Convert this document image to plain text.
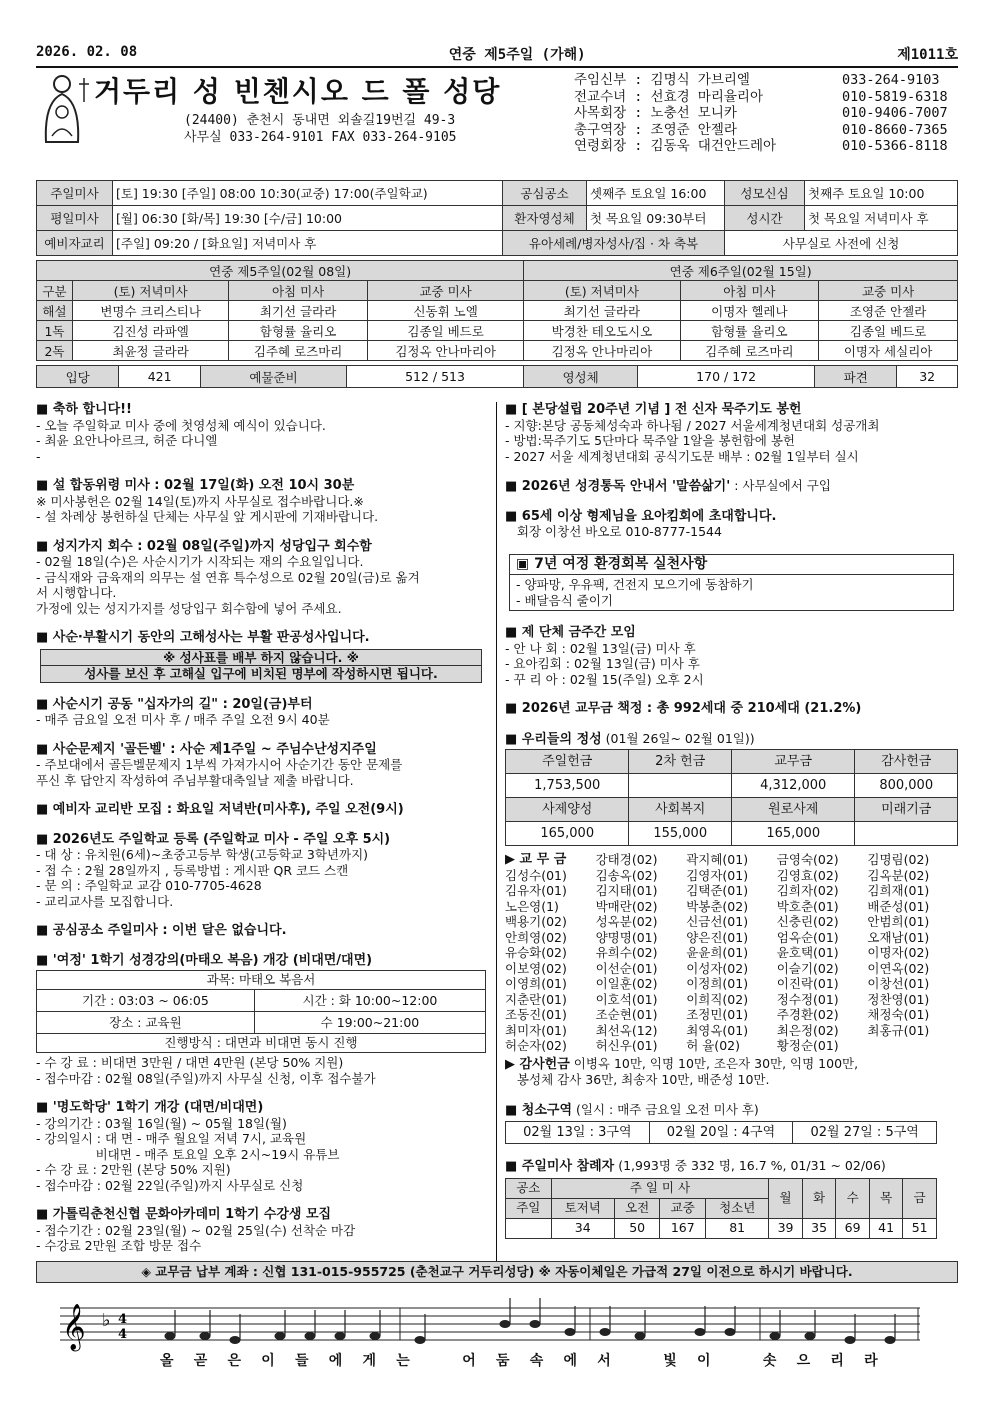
2026. 02. 08	연중 제5주일 (가해)	제1011호
거두리 성 빈첸시오 드 폴 성당
(24400) 춘천시 동내면 외솔길19번길 49-3
사무실 033-264-9101 FAX 033-264-9105
주임신부 : 김명식 가브리엘	033-264-9103
전교수녀 : 선효경 마리율리아	010-5819-6318
사목회장 : 노충선 모니카	010-9406-7007
총구역장 : 조영준 안젤라	010-8660-7365
연령회장 : 김동욱 대건안드레아	010-5366-8118
주일미사	[토] 19:30 [주일] 08:00 10:30(교중) 17:00(주일학교)	공심공소	셋째주 토요일 16:00	성모신심	첫째주 토요일 10:00
평일미사	[월] 06:30 [화/목] 19:30 [수/금] 10:00	환자영성체	첫 목요일 09:30부터	성시간	첫 목요일 저녁미사 후
예비자교리	[주일] 09:20 / [화요일] 저녁미사 후	유아세례/병자성사/집 · 차 축복		사무실로 사전에 신청	
연중 제5주일(02월 08일)				연중 제6주일(02월 15일)		
구분	(토) 저녁미사	아침 미사	교중 미사	(토) 저녁미사	아침 미사	교중 미사
해설	변명수 크리스티나	최기선 글라라	신동휘 노엘	최기선 글라라	이명자 헬레나	조영준 안젤라
1독	김진성 라파엘	함형률 율리오	김종일 베드로	박경찬 테오도시오	함형률 율리오	김종일 베드로
2독	최윤정 글라라	김주혜 로즈마리	김정옥 안나마리아	김정옥 안나마리아	김주혜 로즈마리	이명자 세실리아
입당	421	예물준비	512 / 513	영성체	170 / 172	파견	32
■ 축하 합니다!!
- 오늘 주일학교 미사 중에 첫영성체 예식이 있습니다.
- 최윤 요안나아르크, 허준 다니엘
-
■ 설 합동위령 미사 : 02월 17일(화) 오전 10시 30분
※ 미사봉헌은 02월 14일(토)까지 사무실로 접수바랍니다.※
- 설 차례상 봉헌하실 단체는 사무실 앞 게시판에 기재바랍니다.
■ 성지가지 회수 : 02월 08일(주일)까지 성당입구 회수함
- 02월 18일(수)은 사순시기가 시작되는 재의 수요일입니다.
- 금식재와 금육재의 의무는 설 연휴 특수성으로 02월 20일(금)로 옮겨
서 시행합니다.
가정에 있는 성지가지를 성당입구 회수함에 넣어 주세요.
■ 사순·부활시기 동안의 고해성사는 부활 판공성사입니다.
※ 성사표를 배부 하지 않습니다. ※
성사를 보신 후 고해실 입구에 비치된 명부에 작성하시면 됩니다.
■ 사순시기 공동 "십자가의 길" : 20일(금)부터
- 매주 금요일 오전 미사 후 / 매주 주일 오전 9시 40분
■ 사순문제지 '골든벨' : 사순 제1주일 ~ 주님수난성지주일
- 주보대에서 골든벨문제지 1부씩 가져가시어 사순기간 동안 문제를
푸신 후 답안지 작성하여 주님부활대축일날 제출 바랍니다.
■ 예비자 교리반 모집 : 화요일 저녁반(미사후), 주일 오전(9시)
■ 2026년도 주일학교 등록 (주일학교 미사 - 주일 오후 5시)
- 대 상 : 유치원(6세)~초중고등부 학생(고등학교 3학년까지)
- 접 수 : 2월 28일까지 , 등록방법 : 게시판 QR 코드 스캔
- 문 의 : 주일학교 교감 010-7705-4628
- 교리교사를 모집합니다.
■ 공심공소 주일미사 : 이번 달은 없습니다.
■ '여정' 1학기 성경강의(마태오 복음) 개강 (비대면/대면)
과목: 마태오 복음서	
기간 : 03:03 ~ 06:05	시간 : 화 10:00~12:00
장소 : 교육원	수 19:00~21:00
진행방식 : 대면과 비대면 동시 진행	
- 수 강 료 : 비대면 3만원 / 대면 4만원 (본당 50% 지원)
- 접수마감 : 02월 08일(주일)까지 사무실 신청, 이후 접수불가
■ '명도학당' 1학기 개강 (대면/비대면)
- 강의기간 : 03월 16일(월) ~ 05월 18일(월)
- 강의일시 : 대 면 - 매주 월요일 저녁 7시, 교육원
비대면 - 매주 토요일 오후 2시~19시 유튜브
- 수 강 료 : 2만원 (본당 50% 지원)
- 접수마감 : 02월 22일(주일)까지 사무실로 신청
■ 가톨릭춘천신협 문화아카데미 1학기 수강생 모집
- 접수기간 : 02월 23일(월) ~ 02월 25일(수) 선착순 마감
- 수강료 2만원 조합 방문 접수
■ [ 본당설립 20주년 기념 ] 전 신자 묵주기도 봉헌
- 지향:본당 공동체성숙과 하나됨 / 2027 서울세계청년대회 성공개최
- 방법:묵주기도 5단마다 묵주알 1알을 봉헌함에 봉헌
- 2027 서울 세계청년대회 공식기도문 배부 : 02월 1일부터 실시
■ 2026년 성경통독 안내서 '말씀삶기' : 사무실에서 구입
■ 65세 이상 형제님을 요아킴회에 초대합니다.
회장 이창선 바오로 010-8777-1544
▣ 7년 여정 환경회복 실천사항
- 양파망, 우유팩, 건전지 모으기에 동참하기
- 배달음식 줄이기
■ 제 단체 금주간 모임
- 안 나 회 : 02월 13일(금) 미사 후
- 요아킴회 : 02월 13일(금) 미사 후
- 꾸 리 아 : 02월 15(주일) 오후 2시
■ 2026년 교무금 책정 : 총 992세대 중 210세대 (21.2%)
■ 우리들의 정성 (01월 26일~ 02월 01일))
주일헌금	2차 헌금	교무금	감사헌금
1,753,500		4,312,000	800,000
사제양성	사회복지	원로사제	미래기금
165,000	155,000	165,000	
▶ 교 무 금	강태경(02)	곽지혜(01)	금영숙(02)	김명림(02)
김성수(01)	김송옥(02)	김영자(01)	김영효(02)	김옥분(02)
김유자(01)	김지태(01)	김택준(01)	김희자(02)	김희재(01)
노은영(1)	박매란(02)	박봉춘(02)	박호춘(01)	배준성(01)
백용기(02)	성옥분(02)	신금선(01)	신충린(02)	안범희(01)
안희영(02)	양명명(01)	양은진(01)	엄옥순(01)	오재남(01)
유승화(02)	유희수(02)	윤윤희(01)	윤호택(01)	이명자(02)
이보영(02)	이선순(01)	이성자(02)	이슬기(02)	이연옥(02)
이영희(01)	이일훈(02)	이정희(01)	이진락(01)	이창선(01)
지춘란(01)	이호석(01)	이희직(02)	정수정(01)	정찬영(01)
조동진(01)	조순현(01)	조정민(01)	주경환(02)	채정숙(01)
최미자(01)	최선옥(12)	최영옥(01)	최은정(02)	최홍규(01)
허순자(02)	허신우(01)	허 율(02)	황정순(01)
▶ 감사헌금 이병옥 10만, 익명 10만, 조은자 30만, 익명 100만,
봉성체 감사 36만, 최송자 10만, 배준성 10만.
■ 청소구역 (일시 : 매주 금요일 오전 미사 후)
02월 13일 : 3구역	02월 20일 : 4구역	02월 27일 : 5구역
■ 주일미사 참례자 (1,993명 중 332 명, 16.7 %, 01/31 ~ 02/06)
공소	주 일 미 사				월	화	수	목	금
주일	토저녁	오전	교중	청소년					
	34	50	167	81	39	35	69	41	51
◈ 교무금 납부 계좌 : 신협 131-015-955725 (춘천교구 거두리성당) ※ 자동이체일은 가급적 27일 이전으로 하시기 바랍니다.
𝄞 ♭ 4
4
올 곧 은 이 들 에 게 는	어 둠 속 에 서	빛 이	솟 으 리 라
